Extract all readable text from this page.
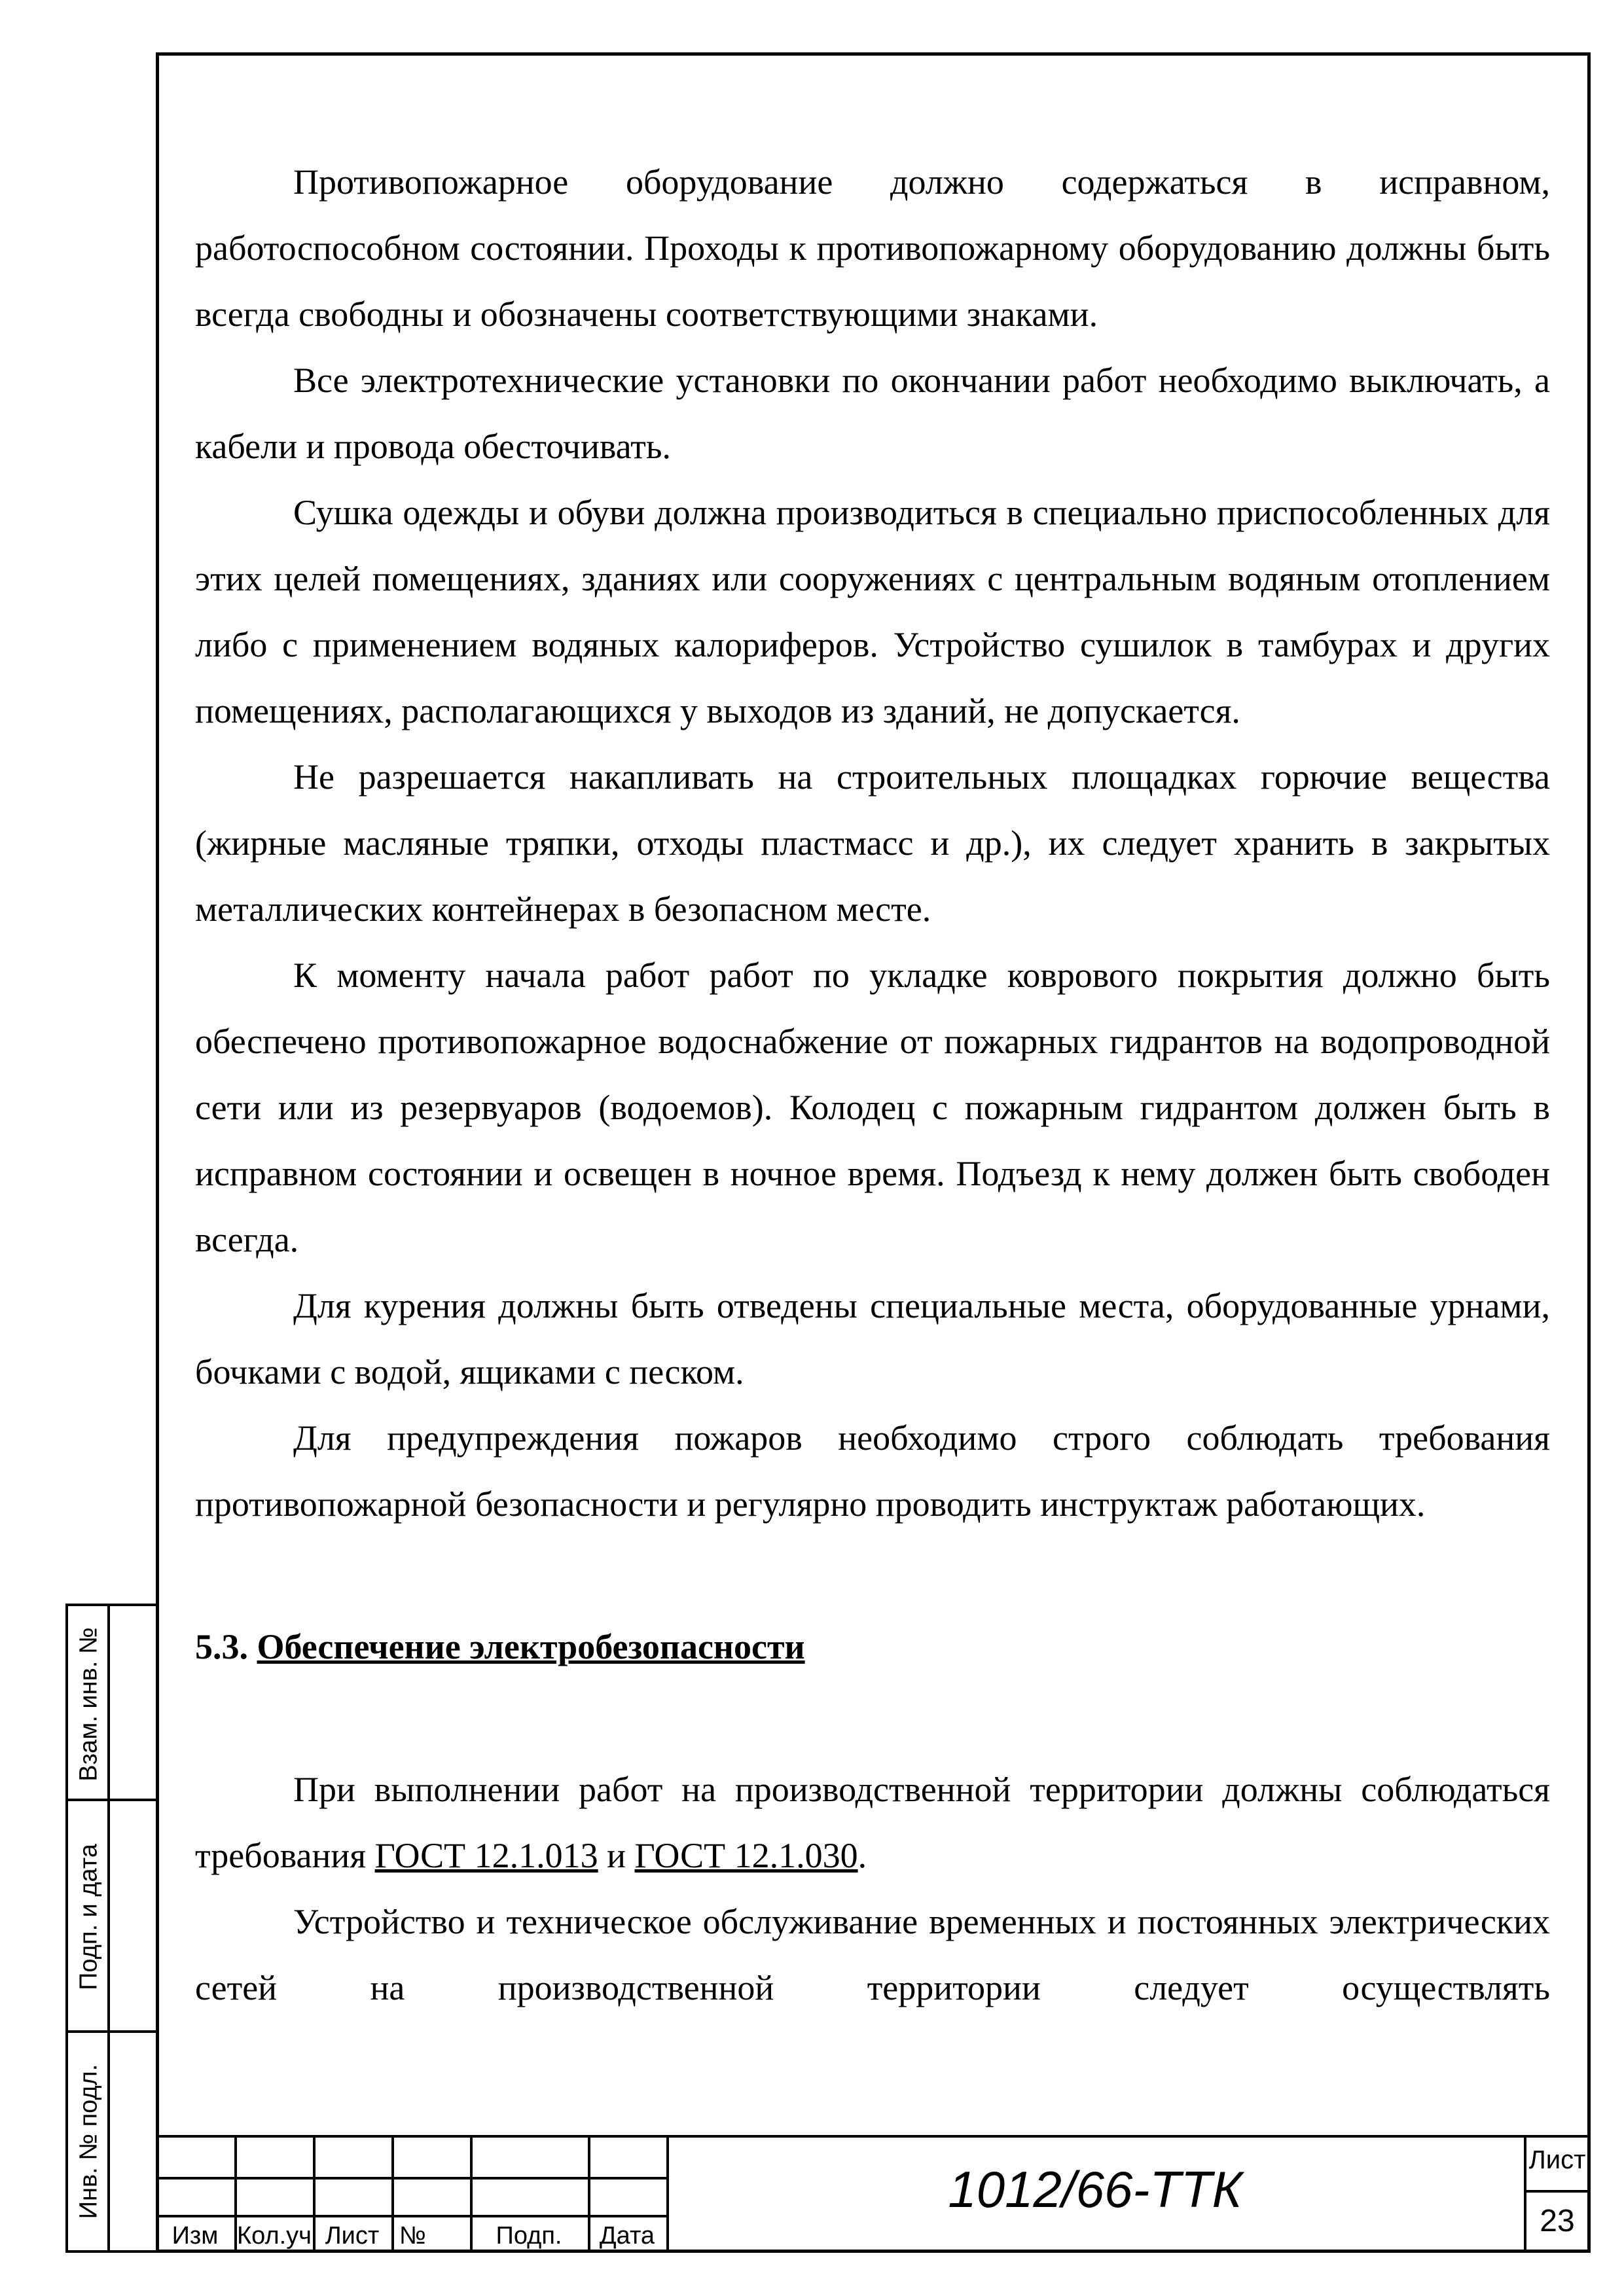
Противопожарное оборудование должно содержаться в исправном, работоспособном состоянии. Проходы к противопожарному оборудованию должны быть всегда свободны и обозначены соответствующими знаками.

Все электротехнические установки по окончании работ необходимо выключать, а кабели и провода обесточивать.

Сушка одежды и обуви должна производиться в специально приспособленных для этих целей помещениях, зданиях или сооружениях с центральным водяным отоплением либо с применением водяных калориферов. Устройство сушилок в тамбурах и других помещениях, располагающихся у выходов из зданий, не допускается.

Не разрешается накапливать на строительных площадках горючие вещества (жирные масляные тряпки, отходы пластмасс и др.), их следует хранить в закрытых металлических контейнерах в безопасном месте.

К моменту начала работ работ по укладке коврового покрытия должно быть обеспечено противопожарное водоснабжение от пожарных гидрантов на водопроводной сети или из резервуаров (водоемов). Колодец с пожарным гидрантом должен быть в исправном состоянии и освещен в ночное время. Подъезд к нему должен быть свободен всегда.

Для курения должны быть отведены специальные места, оборудованные урнами, бочками с водой, ящиками с песком.

Для предупреждения пожаров необходимо строго соблюдать требования противопожарной безопасности и регулярно проводить инструктаж работающих.

5.3. Обеспечение электробезопасности

При выполнении работ на производственной территории должны соблюдаться требования ГОСТ 12.1.013 и ГОСТ 12.1.030.

Устройство и техническое обслуживание временных и постоянных электрических сетей на производственной территории следует осуществлять

Взам. инв. №
Подп. и дата
Инв. № подл.
Изм Кол.уч Лист №	Подп.	Дата
1012/66-ТТК
Лист
23
